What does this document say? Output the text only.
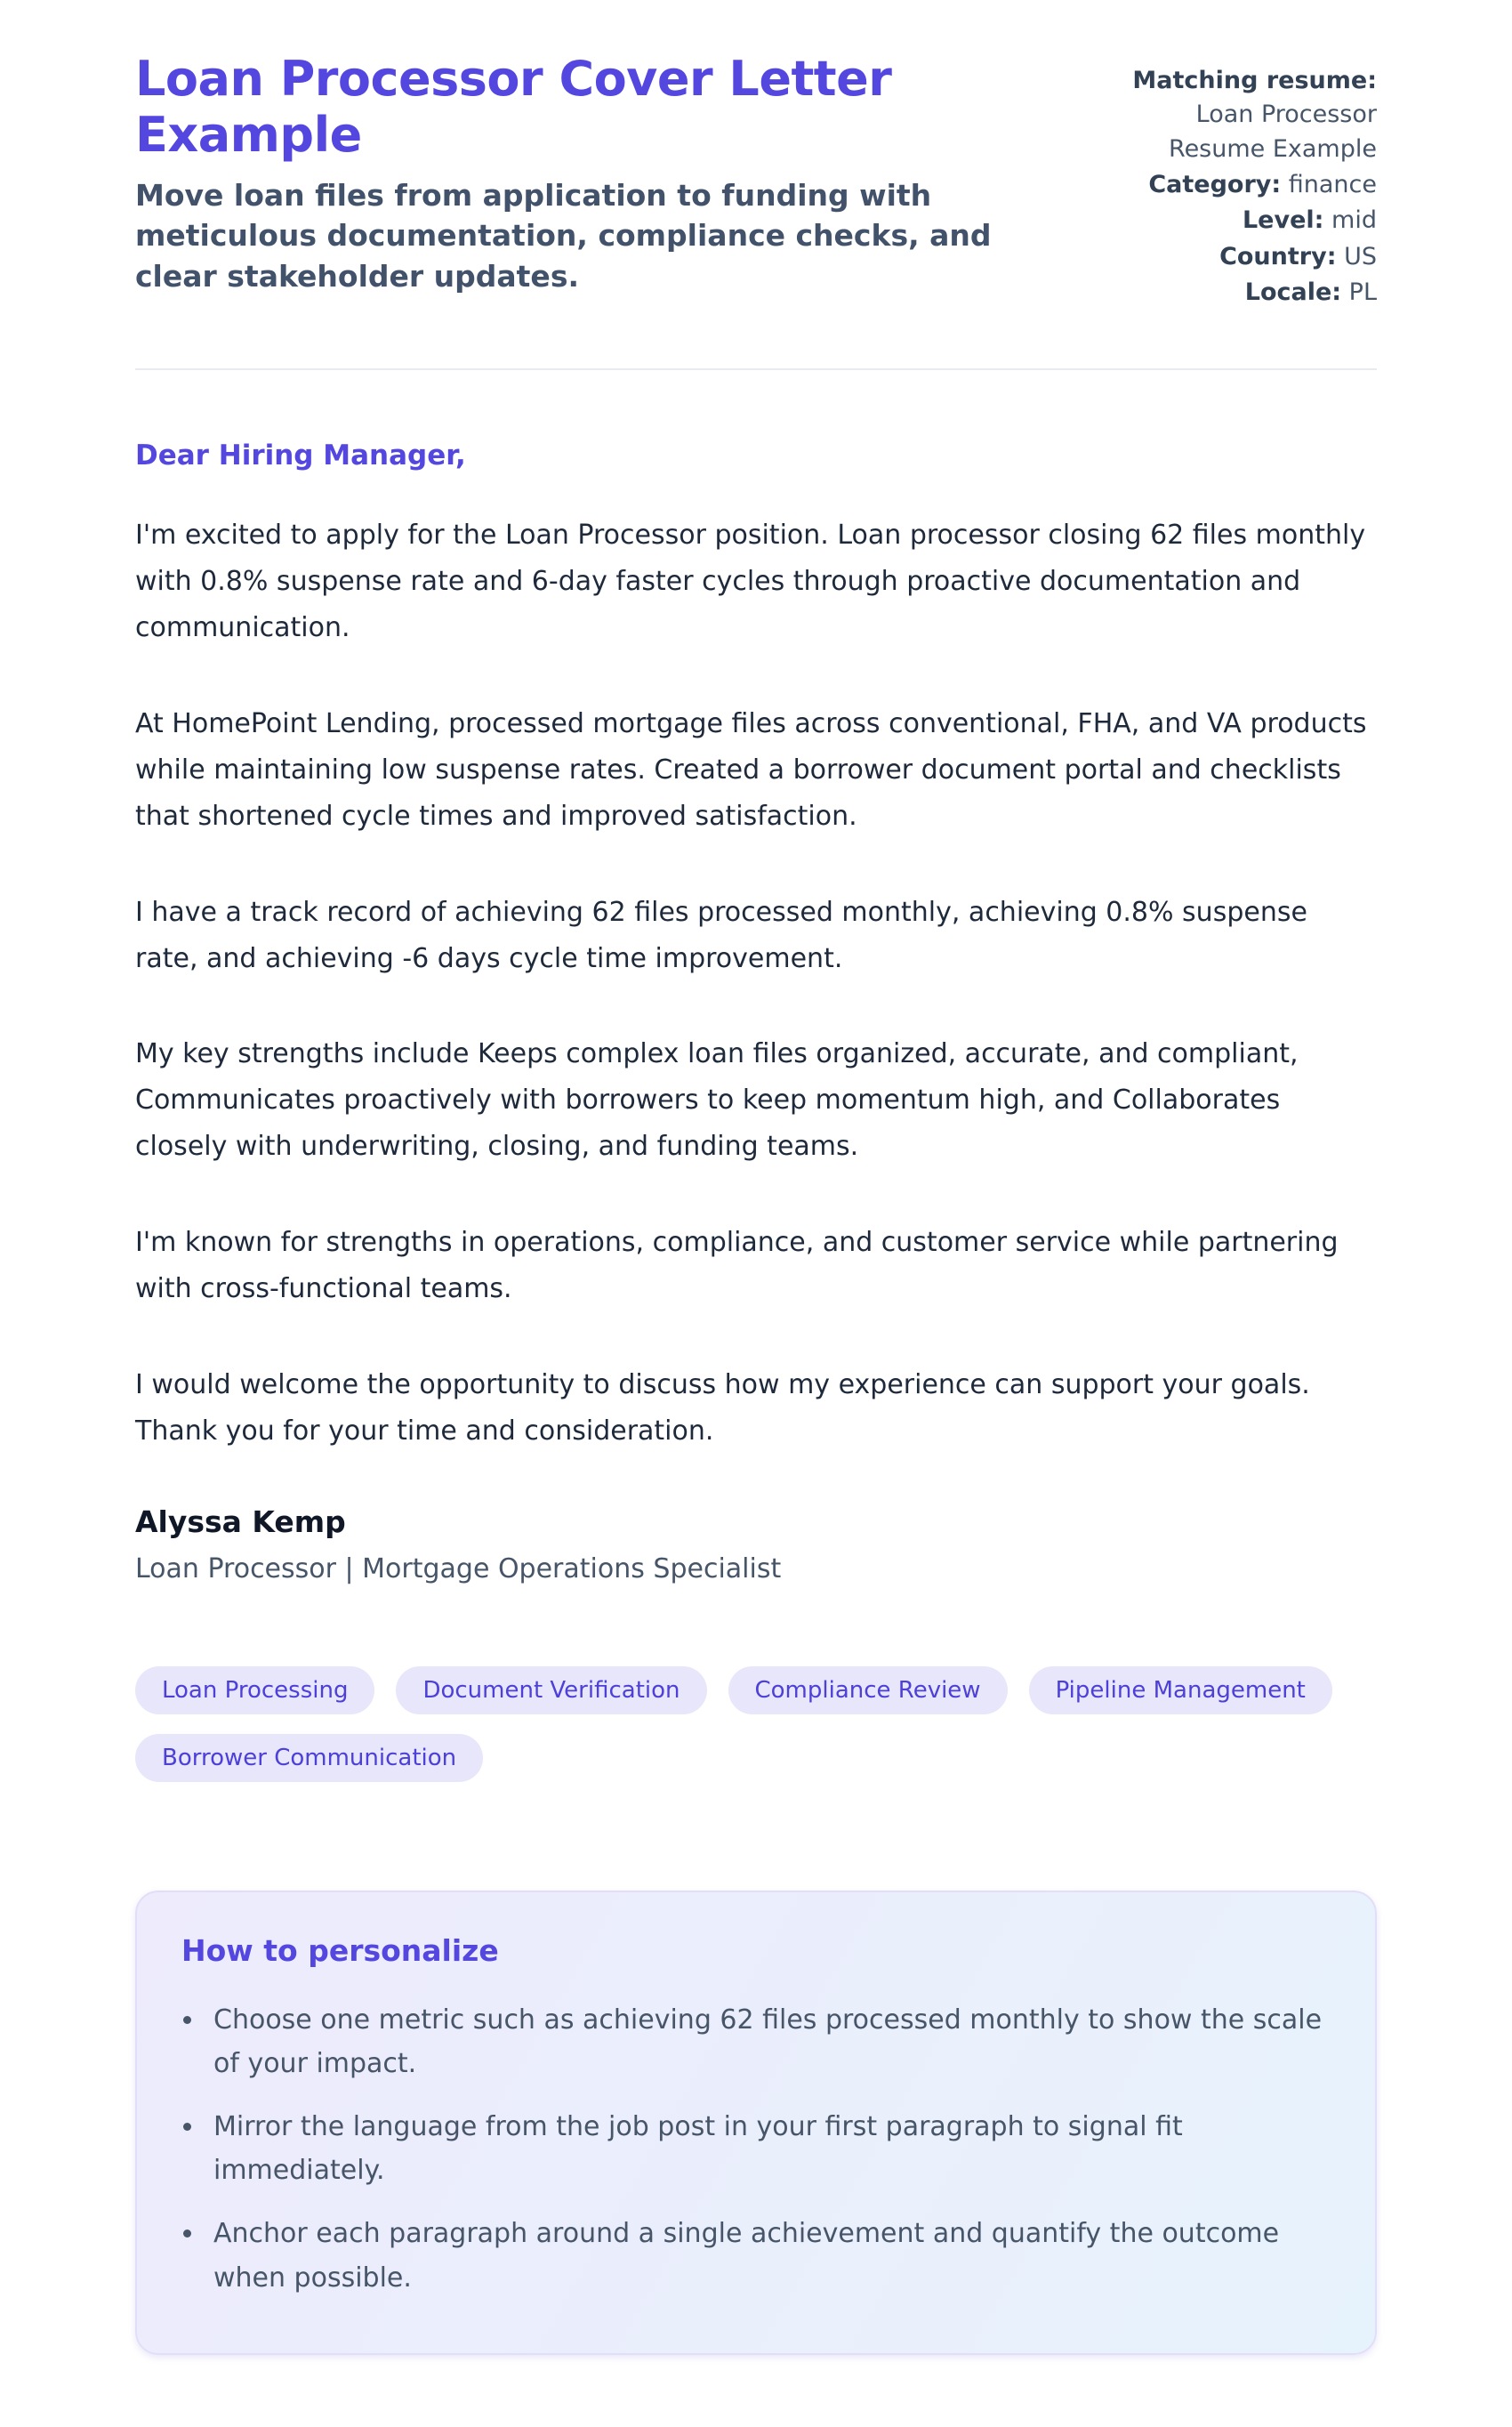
Loan Processor Cover Letter Example

Move loan files from application to funding with meticulous documentation, compliance checks, and clear stakeholder updates.

Matching resume:
Loan Processor Resume Example
Category: finance
Level: mid
Country: US
Locale: PL

Dear Hiring Manager,

I'm excited to apply for the Loan Processor position. Loan processor closing 62 files monthly with 0.8% suspense rate and 6-day faster cycles through proactive documentation and communication.

At HomePoint Lending, processed mortgage files across conventional, FHA, and VA products while maintaining low suspense rates. Created a borrower document portal and checklists that shortened cycle times and improved satisfaction.

I have a track record of achieving 62 files processed monthly, achieving 0.8% suspense rate, and achieving -6 days cycle time improvement.

My key strengths include Keeps complex loan files organized, accurate, and compliant, Communicates proactively with borrowers to keep momentum high, and Collaborates closely with underwriting, closing, and funding teams.

I'm known for strengths in operations, compliance, and customer service while partnering with cross-functional teams.

I would welcome the opportunity to discuss how my experience can support your goals. Thank you for your time and consideration.

Alyssa Kemp

Loan Processor | Mortgage Operations Specialist

Loan Processing	Document Verification	Compliance Review	Pipeline Management
Borrower Communication
How to personalize
Choose one metric such as achieving 62 files processed monthly to show the scale of your impact.
Mirror the language from the job post in your first paragraph to signal fit immediately.
Anchor each paragraph around a single achievement and quantify the outcome when possible.
